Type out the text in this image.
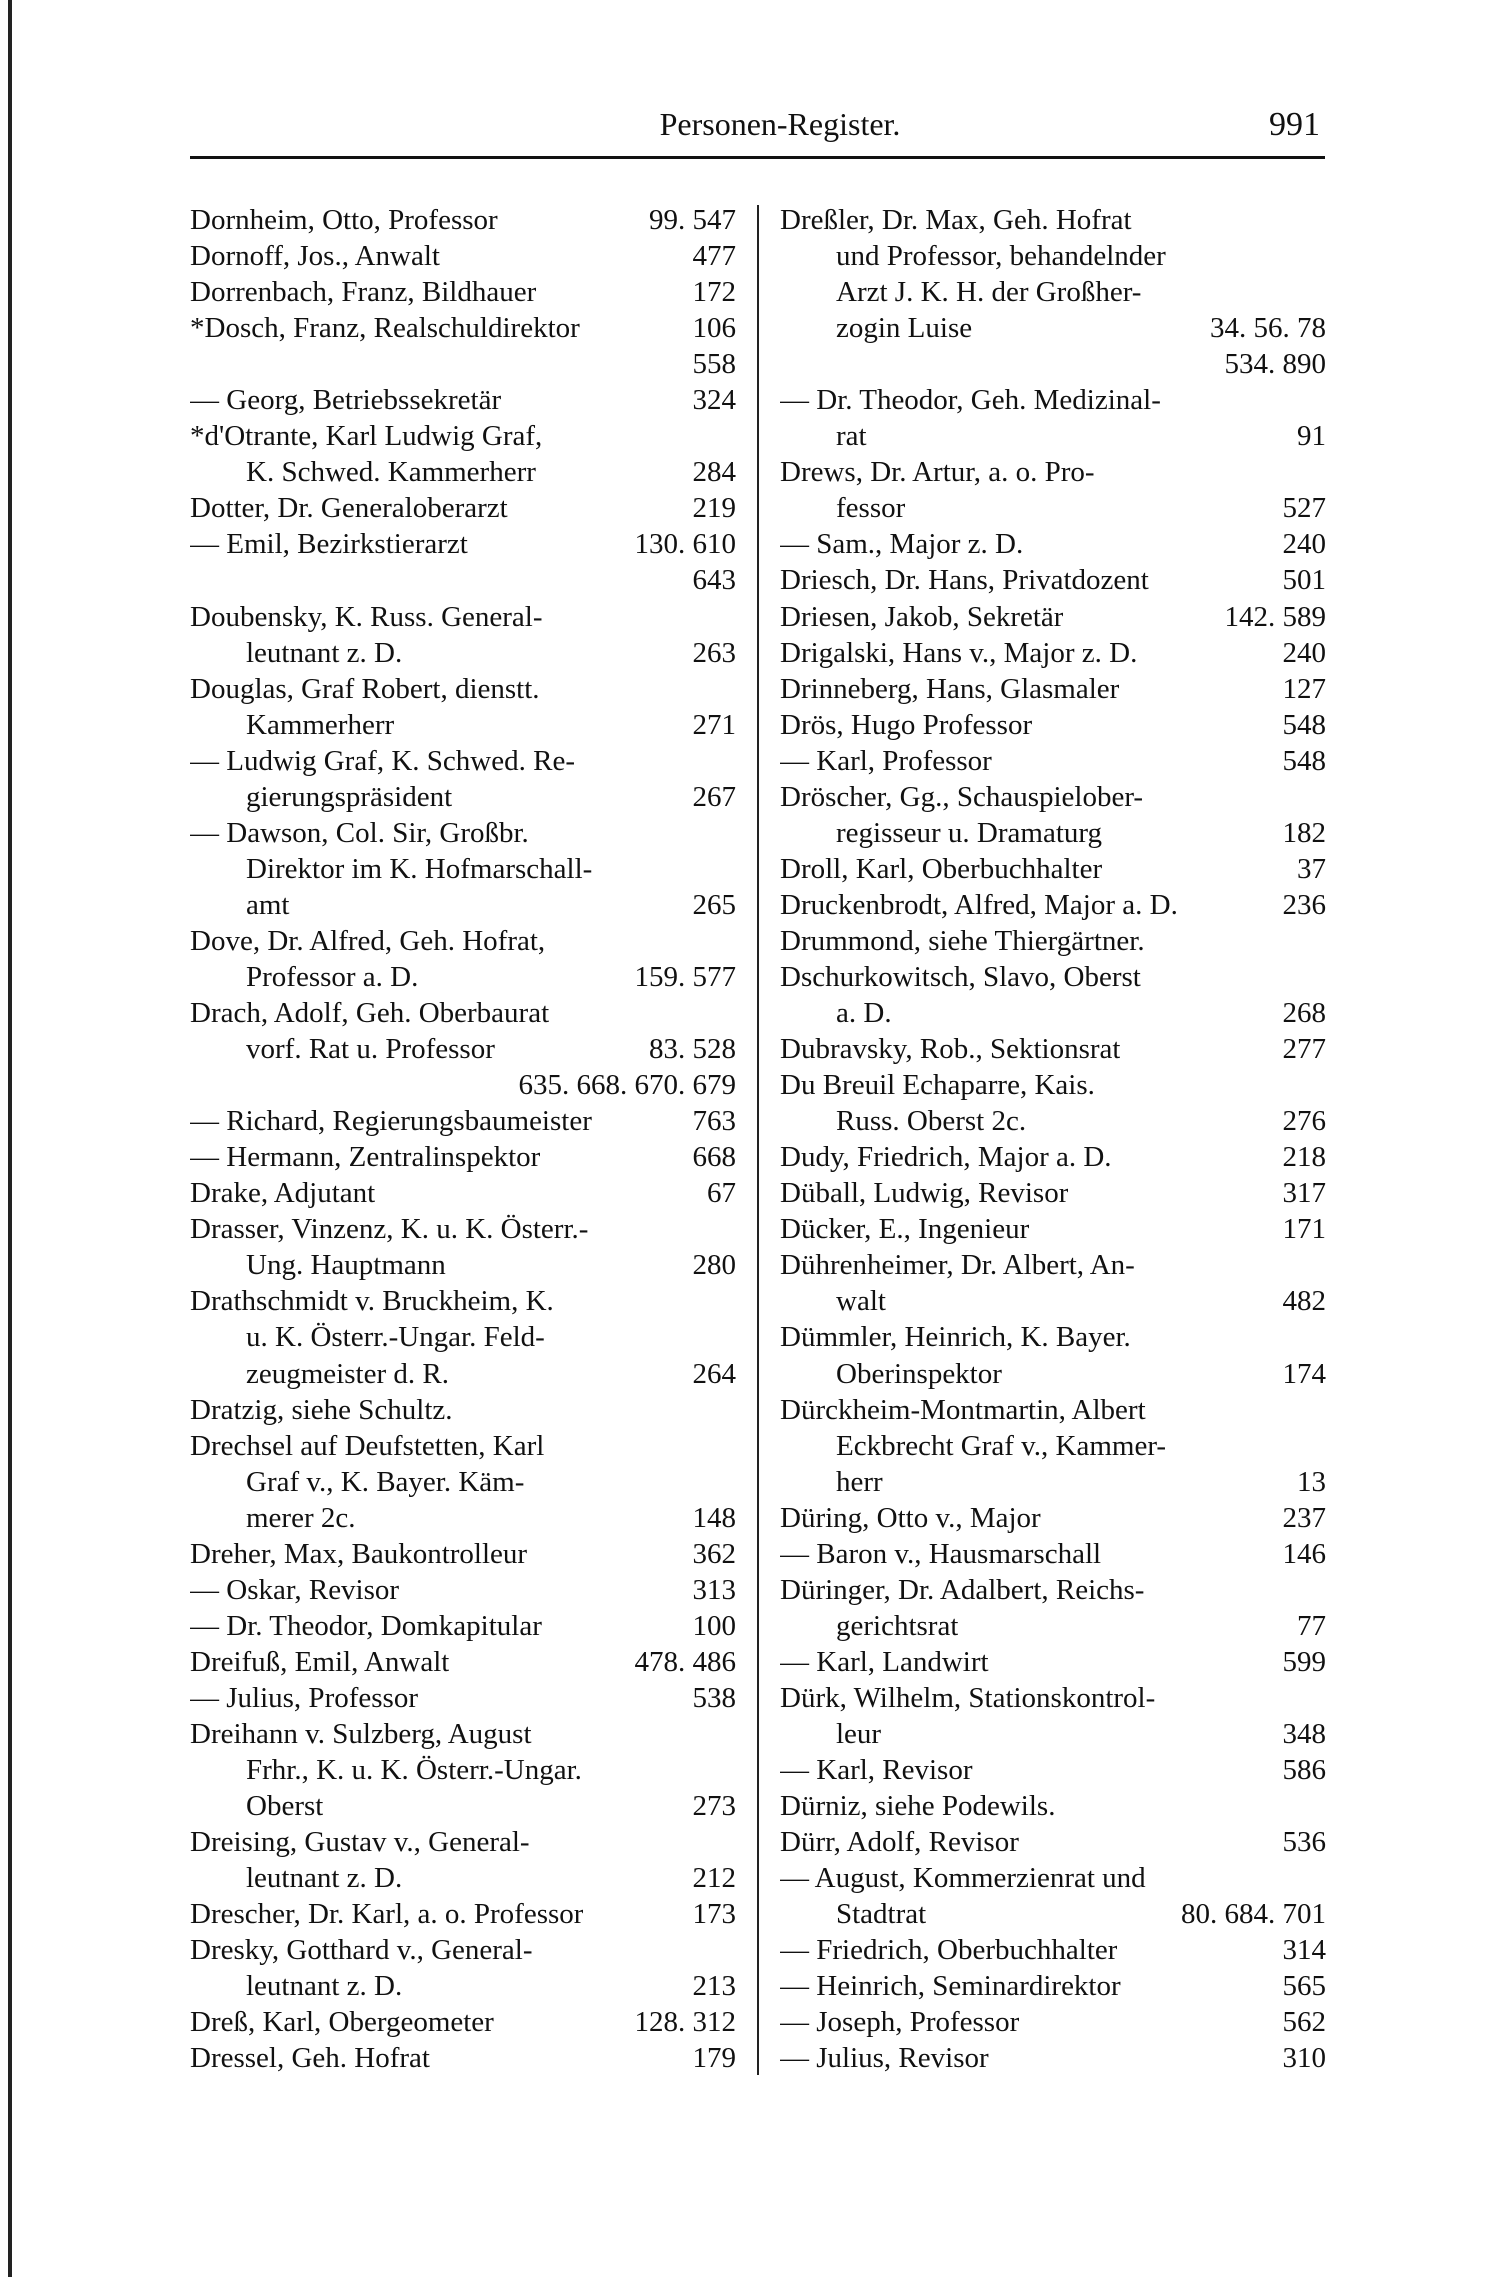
Personen-Register.	991
Dornheim, Otto, Professor	99. 547
Dornoff, Jos., Anwalt	477
Dorrenbach, Franz, Bildhauer	172
*Dosch, Franz, Realschuldirektor	106
558
— Georg, Betriebssekretär	324
*d'Otrante, Karl Ludwig Graf,
K. Schwed. Kammerherr	284
Dotter, Dr. Generaloberarzt	219
— Emil, Bezirkstierarzt	130. 610
643
Doubensky, K. Russ. General-
leutnant z. D.	263
Douglas, Graf Robert, dienstt.
Kammerherr	271
— Ludwig Graf, K. Schwed. Re-
gierungspräsident	267
— Dawson, Col. Sir, Großbr.
Direktor im K. Hofmarschall-
amt	265
Dove, Dr. Alfred, Geh. Hofrat,
Professor a. D.	159. 577
Drach, Adolf, Geh. Oberbaurat
vorf. Rat u. Professor	83. 528
635. 668. 670. 679
— Richard, Regierungsbaumeister	763
— Hermann, Zentralinspektor	668
Drake, Adjutant	67
Drasser, Vinzenz, K. u. K. Österr.-
Ung. Hauptmann	280
Drathschmidt v. Bruckheim, K.
u. K. Österr.-Ungar. Feld-
zeugmeister d. R.	264
Dratzig, siehe Schultz.
Drechsel auf Deufstetten, Karl
Graf v., K. Bayer. Käm-
merer 2c.	148
Dreher, Max, Baukontrolleur	362
— Oskar, Revisor	313
— Dr. Theodor, Domkapitular	100
Dreifuß, Emil, Anwalt	478. 486
— Julius, Professor	538
Dreihann v. Sulzberg, August
Frhr., K. u. K. Österr.-Ungar.
Oberst	273
Dreising, Gustav v., General-
leutnant z. D.	212
Drescher, Dr. Karl, a. o. Professor	173
Dresky, Gotthard v., General-
leutnant z. D.	213
Dreß, Karl, Obergeometer	128. 312
Dressel, Geh. Hofrat	179
Dreßler, Dr. Max, Geh. Hofrat
und Professor, behandelnder
Arzt J. K. H. der Großher-
zogin Luise	34. 56. 78
534. 890
— Dr. Theodor, Geh. Medizinal-
rat	91
Drews, Dr. Artur, a. o. Pro-
fessor	527
— Sam., Major z. D.	240
Driesch, Dr. Hans, Privatdozent	501
Driesen, Jakob, Sekretär	142. 589
Drigalski, Hans v., Major z. D.	240
Drinneberg, Hans, Glasmaler	127
Drös, Hugo Professor	548
— Karl, Professor	548
Dröscher, Gg., Schauspielober-
regisseur u. Dramaturg	182
Droll, Karl, Oberbuchhalter	37
Druckenbrodt, Alfred, Major a. D.	236
Drummond, siehe Thiergärtner.
Dschurkowitsch, Slavo, Oberst
a. D.	268
Dubravsky, Rob., Sektionsrat	277
Du Breuil Echaparre, Kais.
Russ. Oberst 2c.	276
Dudy, Friedrich, Major a. D.	218
Düball, Ludwig, Revisor	317
Dücker, E., Ingenieur	171
Dührenheimer, Dr. Albert, An-
walt	482
Dümmler, Heinrich, K. Bayer.
Oberinspektor	174
Dürckheim-Montmartin, Albert
Eckbrecht Graf v., Kammer-
herr	13
Düring, Otto v., Major	237
— Baron v., Hausmarschall	146
Düringer, Dr. Adalbert, Reichs-
gerichtsrat	77
— Karl, Landwirt	599
Dürk, Wilhelm, Stationskontrol-
leur	348
— Karl, Revisor	586
Dürniz, siehe Podewils.
Dürr, Adolf, Revisor	536
— August, Kommerzienrat und
Stadtrat	80. 684. 701
— Friedrich, Oberbuchhalter	314
— Heinrich, Seminardirektor	565
— Joseph, Professor	562
— Julius, Revisor	310
